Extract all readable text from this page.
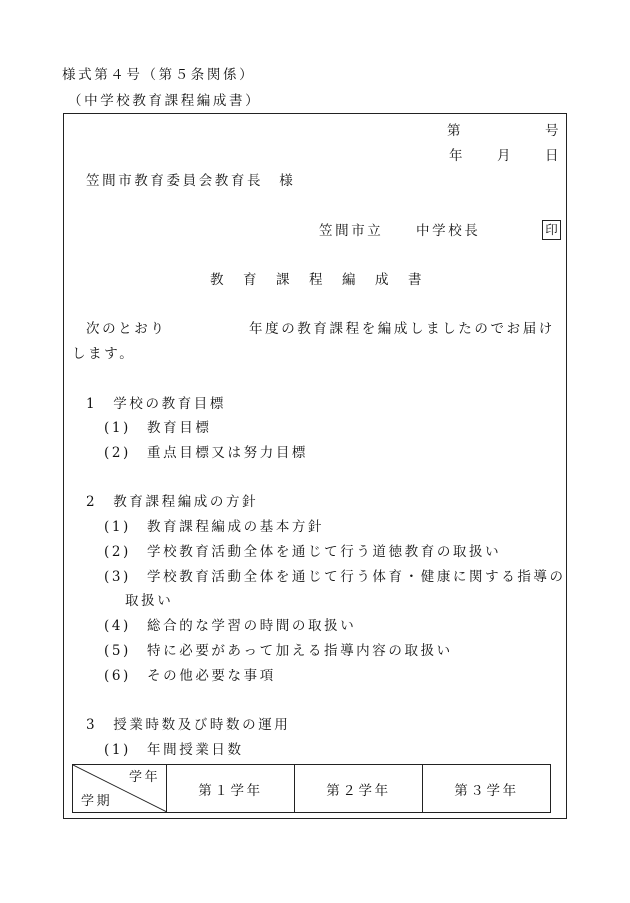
様式第４号（第５条関係）
（中学校教育課程編成書）
第	号
年 月 日
笠間市教育委員会教育長　様
笠間市立 中学校長	印
教　育　課　程　編　成　書
次のとおり	年度の教育課程を編成しましたのでお届け
します。
1　学校の教育目標
(1)　教育目標
(2)　重点目標又は努力目標
2　教育課程編成の方針
(1)　教育課程編成の基本方針
(2)　学校教育活動全体を通じて行う道徳教育の取扱い
(3)　学校教育活動全体を通じて行う体育・健康に関する指導の
取扱い
(4)　総合的な学習の時間の取扱い
(5)　特に必要があって加える指導内容の取扱い
(6)　その他必要な事項
3　授業時数及び時数の運用
(1)　年間授業日数
学年
学期
第１学年	第２学年	第３学年
